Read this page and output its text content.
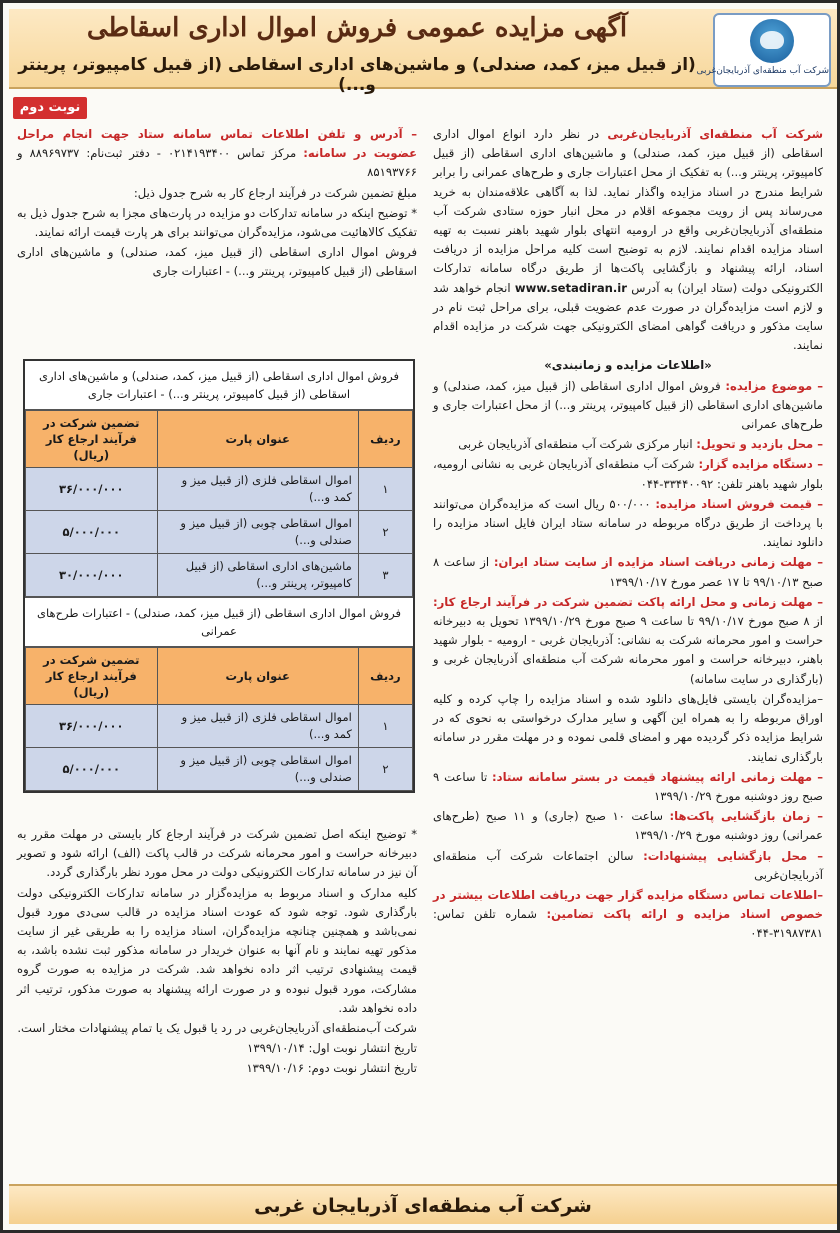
شرکت آب منطقه‌ای آذربایجان‌غربی
آگهی مزایده عمومی فروش اموال اداری اسقاطی
(از قبیل میز، کمد، صندلی) و ماشین‌های اداری اسقاطی (از قبیل کامپیوتر، پرینتر و...)
نوبت دوم
شرکت آب منطقه‌ای آذربایجان‌غربی در نظر دارد انواع اموال اداری اسقاطی (از قبیل میز، کمد، صندلی) و ماشین‌های اداری اسقاطی (از قبیل کامپیوتر، پرینتر و...) به تفکیک از محل اعتبارات جاری و طرح‌های عمرانی را برابر شرایط مندرج در اسناد مزایده واگذار نماید. لذا به آگاهی علاقه‌مندان به خرید می‌رساند پس از رویت مجموعه اقلام در محل انبار حوزه ستادی شرکت آب منطقه‌ای آذربایجان‌غربی واقع در ارومیه انتهای بلوار شهید باهنر نسبت به تهیه اسناد مزایده اقدام نمایند. لازم به توضیح است کلیه مراحل مزایده از دریافت اسناد، ارائه پیشنهاد و بازگشایی پاکت‌ها از طریق درگاه سامانه تدارکات الکترونیکی دولت (ستاد ایران) به آدرس www.setadiran.ir انجام خواهد شد و لازم است مزایده‌گران در صورت عدم عضویت قبلی، برای مراحل ثبت نام در سایت مذکور و دریافت گواهی امضای الکترونیکی جهت شرکت در مزایده اقدام نمایند.
«اطلاعات مزایده و زمانبندی»
– موضوع مزایده: فروش اموال اداری اسقاطی (از قبیل میز، کمد، صندلی) و ماشین‌های اداری اسقاطی (از قبیل کامپیوتر، پرینتر و...) از محل اعتبارات جاری و طرح‌های عمرانی
– محل بازدید و تحویل: انبار مرکزی شرکت آب منطقه‌ای آذربایجان غربی
– دستگاه مزایده گزار: شرکت آب منطقه‌ای آذربایجان غربی به نشانی ارومیه، بلوار شهید باهنر تلفن: ۳۳۴۴۰۰۹۲-۰۴۴
– قیمت فروش اسناد مزایده: ۵۰۰/۰۰۰ ریال است که مزایده‌گران می‌توانند با پرداخت از طریق درگاه مربوطه در سامانه ستاد ایران فایل اسناد مزایده را دانلود نمایند.
– مهلت زمانی دریافت اسناد مزایده از سایت ستاد ایران: از ساعت ۸ صبح ۹۹/۱۰/۱۳ تا ۱۷ عصر مورخ ۱۳۹۹/۱۰/۱۷
– مهلت زمانی و محل ارائه پاکت تضمین شرکت در فرآیند ارجاع کار: از ۸ صبح مورخ ۹۹/۱۰/۱۷ تا ساعت ۹ صبح مورخ ۱۳۹۹/۱۰/۲۹ تحویل به دبیرخانه حراست و امور محرمانه شرکت به نشانی: آذربایجان غربی - ارومیه - بلوار شهید باهنر، دبیرخانه حراست و امور محرمانه شرکت آب منطقه‌ای آذربایجان غربی و (بارگذاری در سایت سامانه)
–مزایده‌گران بایستی فایل‌های دانلود شده و اسناد مزایده را چاپ کرده و کلیه اوراق مربوطه را به همراه این آگهی و سایر مدارک درخواستی به نحوی که در شرایط مزایده ذکر گردیده مهر و امضای قلمی نموده و در مهلت مقرر در سامانه بارگذاری نمایند.
– مهلت زمانی ارائه پیشنهاد قیمت در بستر سامانه ستاد: تا ساعت ۹ صبح روز دوشنبه مورخ ۱۳۹۹/۱۰/۲۹
– زمان بازگشایی پاکت‌ها: ساعت ۱۰ صبح (جاری) و ۱۱ صبح (طرح‌های عمرانی) روز دوشنبه مورخ ۱۳۹۹/۱۰/۲۹
– محل بازگشایی پیشنهادات: سالن اجتماعات شرکت آب منطقه‌ای آذربایجان‌غربی
–اطلاعات تماس دستگاه مزایده گزار جهت دریافت اطلاعات بیشتر در خصوص اسناد مزایده و ارائه پاکت تضامین: شماره تلفن تماس: ۳۱۹۸۷۳۸۱-۰۴۴
– آدرس و تلفن اطلاعات تماس سامانه ستاد جهت انجام مراحل عضویت در سامانه: مرکز تماس ۰۲۱۴۱۹۳۴۰۰ - دفتر ثبت‌نام: ۸۸۹۶۹۷۳۷ و ۸۵۱۹۳۷۶۶
مبلغ تضمین شرکت در فرآیند ارجاع کار به شرح جدول ذیل:
* توضیح اینکه در سامانه تدارکات دو مزایده در پارت‌های مجزا به شرح جدول ذیل به تفکیک کالاهائیت می‌شود، مزایده‌گران می‌توانند برای هر پارت قیمت ارائه نمایند.
فروش اموال اداری اسقاطی (از قبیل میز، کمد، صندلی) و ماشین‌های اداری اسقاطی (از قبیل کامپیوتر، پرینتر و...) - اعتبارات جاری
فروش اموال اداری اسقاطی (از قبیل میز، کمد، صندلی) و ماشین‌های اداری اسقاطی (از قبیل کامپیوتر، پرینتر و...) - اعتبارات جاری
ردیف	عنوان پارت	تضمین شرکت در فرآیند ارجاع کار (ریال)
۱	اموال اسقاطی فلزی (از قبیل میز و کمد و...)	۳۶/۰۰۰/۰۰۰
۲	اموال اسقاطی چوبی (از قبیل میز و صندلی و...)	۵/۰۰۰/۰۰۰
۳	ماشین‌های اداری اسقاطی (از قبیل کامپیوتر، پرینتر و...)	۳۰/۰۰۰/۰۰۰
فروش اموال اداری اسقاطی (از قبیل میز، کمد، صندلی) - اعتبارات طرح‌های عمرانی
ردیف	عنوان پارت	تضمین شرکت در فرآیند ارجاع کار (ریال)
۱	اموال اسقاطی فلزی (از قبیل میز و کمد و...)	۳۶/۰۰۰/۰۰۰
۲	اموال اسقاطی چوبی (از قبیل میز و صندلی و...)	۵/۰۰۰/۰۰۰
* توضیح اینکه اصل تضمین شرکت در فرآیند ارجاع کار بایستی در مهلت مقرر به دبیرخانه حراست و امور محرمانه شرکت در قالب پاکت (الف) ارائه شود و تصویر آن نیز در سامانه تدارکات الکترونیکی دولت در محل مورد نظر بارگذاری گردد.
کلیه مدارک و اسناد مربوط به مزایده‌گزار در سامانه تدارکات الکترونیکی دولت بارگذاری شود. توجه شود که عودت اسناد مزایده در قالب سی‌دی مورد قبول نمی‌باشد و همچنین چنانچه مزایده‌گران، اسناد مزایده را به طریقی غیر از سایت مذکور تهیه نمایند و نام آنها به عنوان خریدار در سامانه مذکور ثبت نشده باشد، به قیمت پیشنهادی ترتیب اثر داده نخواهد شد. شرکت در مزایده به صورت گروه مشارکت، مورد قبول نبوده و در صورت ارائه پیشنهاد به صورت مذکور، ترتیب اثر داده نخواهد شد.
شرکت آب‌منطقه‌ای آذربایجان‌غربی در رد یا قبول یک یا تمام پیشنهادات مختار است.
تاریخ انتشار نوبت اول: ۱۳۹۹/۱۰/۱۴
تاریخ انتشار نوبت دوم: ۱۳۹۹/۱۰/۱۶
شرکت آب منطقه‌ای آذربایجان غربی
